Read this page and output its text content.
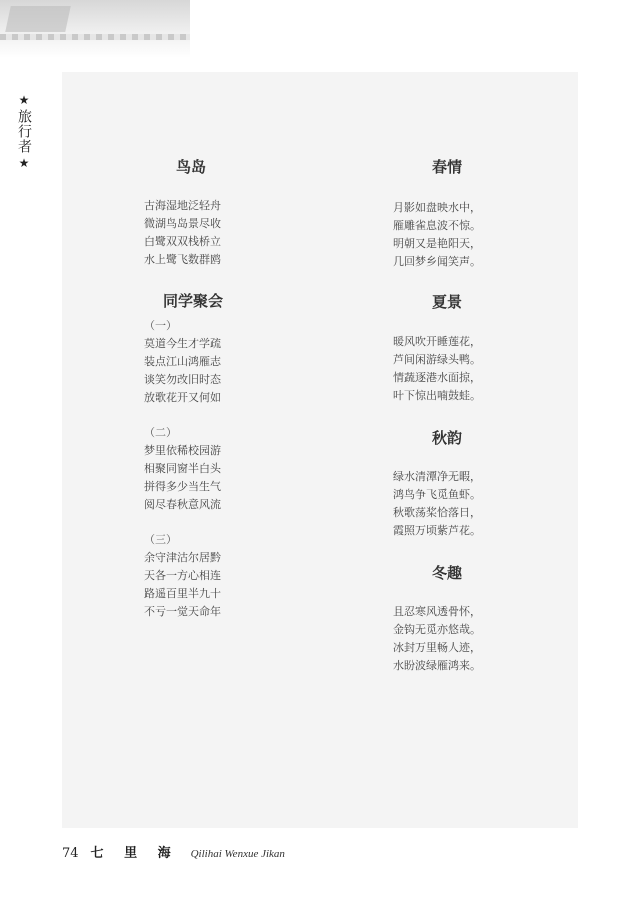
★
旅行者
★	鸟岛
古海湿地泛轻舟
微湖鸟岛景尽收
白鹭双双栈桥立
水上鹭飞数群鸥
同学聚会
（一）
莫道今生才学疏
装点江山鸿雁志
谈笑勿改旧时态
放歌花开又何如
（二）
梦里依稀校园游
相聚同窗半白头
拼得多少当生气
阅尽春秋意风流
（三）
余守津沽尔居黔
天各一方心相连
路遥百里半九十
不亏一觉天命年
春情
月影如盘映水中，
雁雕雀息波不惊。
明朝又是艳阳天，
几回梦乡闻笑声。
夏景
暖风吹开睡莲花，
芦间闲游绿头鸭。
情蔬逐港水面掠，
叶下惊出喃鼓蛙。
秋韵
绿水清潭净无暇，
鸿鸟争飞觅鱼虾。
秋歌荡桨恰落日，
霞照万顷紫芦花。
冬趣
且忍寒风透骨怀，
金钩无觅亦悠哉。
冰封万里畅人迹，
水盼波绿雁鸿来。
74 七 里 海 Qilihai Wenxue Jikan
